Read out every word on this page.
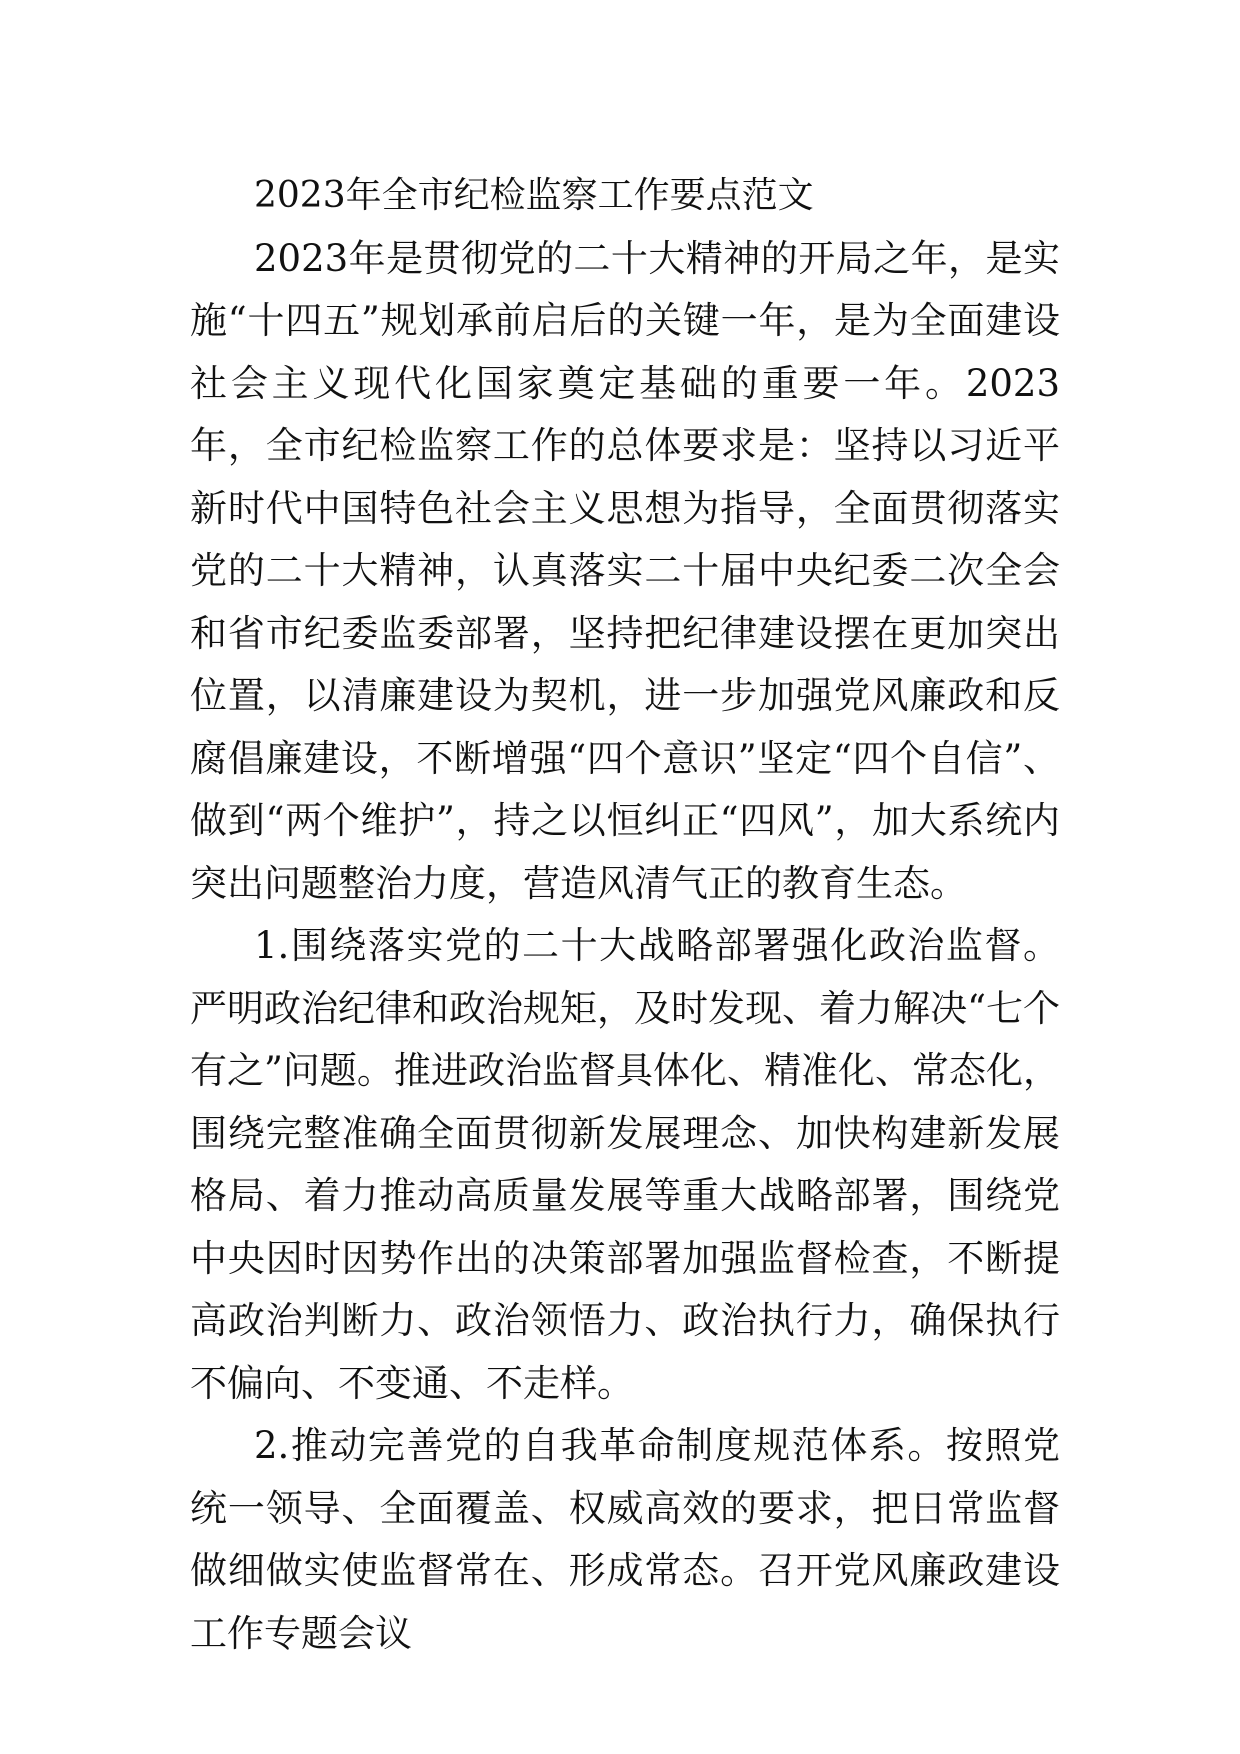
2023年全市纪检监察工作要点范文

2023年是贯彻党的二十大精神的开局之年，是实施“十四五”规划承前启后的关键一年，是为全面建设社会主义现代化国家奠定基础的重要一年。2023年，全市纪检监察工作的总体要求是：坚持以习近平新时代中国特色社会主义思想为指导，全面贯彻落实党的二十大精神，认真落实二十届中央纪委二次全会和省市纪委监委部署，坚持把纪律建设摆在更加突出位置，以清廉建设为契机，进一步加强党风廉政和反腐倡廉建设，不断增强“四个意识”坚定“四个自信”、做到“两个维护”，持之以恒纠正“四风”，加大系统内突出问题整治力度，营造风清气正的教育生态。

1.围绕落实党的二十大战略部署强化政治监督。严明政治纪律和政治规矩，及时发现、着力解决“七个有之”问题。推进政治监督具体化、精准化、常态化，围绕完整准确全面贯彻新发展理念、加快构建新发展格局、着力推动高质量发展等重大战略部署，围绕党中央因时因势作出的决策部署加强监督检查，不断提高政治判断力、政治领悟力、政治执行力，确保执行不偏向、不变通、不走样。

2.推动完善党的自我革命制度规范体系。按照党统一领导、全面覆盖、权威高效的要求，把日常监督做细做实使监督常在、形成常态。召开党风廉政建设工作专题会议
